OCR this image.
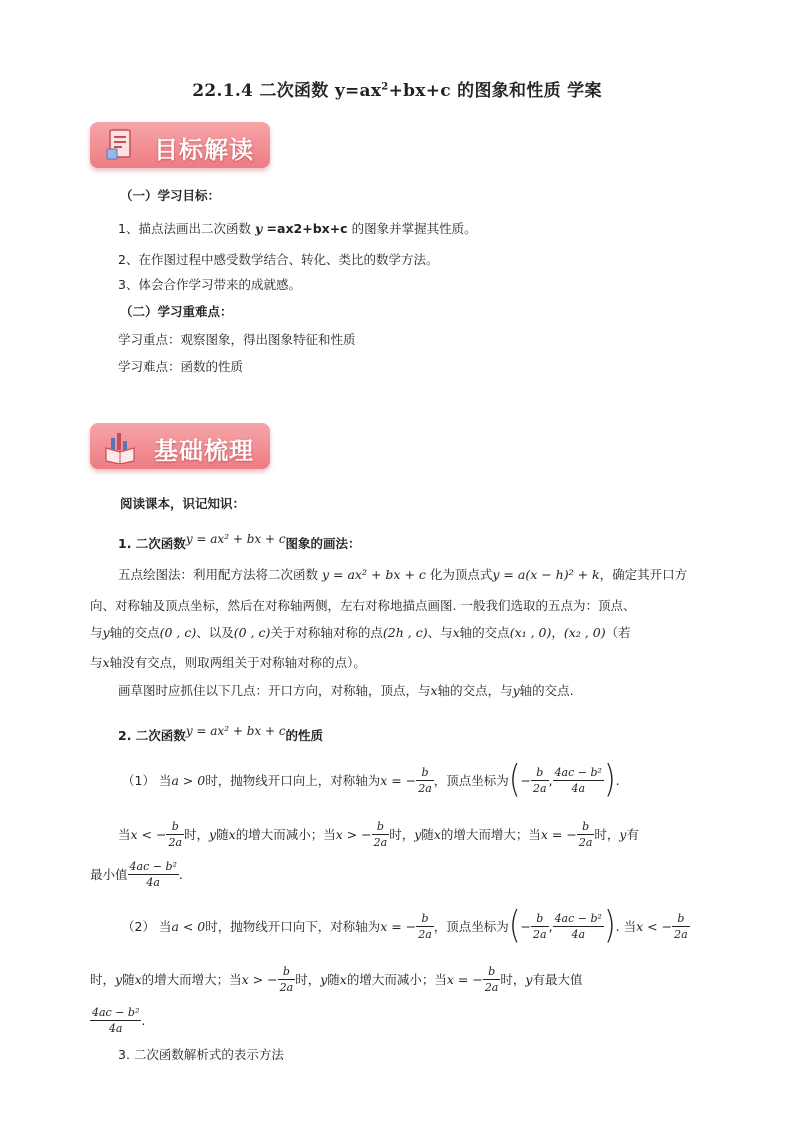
22.1.4 二次函数 $y=ax^2+bx+c$ 的图象和性质 学案
目标解读
（一）学习目标：
1、描点法画出二次函数 y =ax2+bx+c 的图象并掌握其性质。
2、在作图过程中感受数学结合、转化、类比的数学方法。
3、体会合作学习带来的成就感。
（二）学习重难点：
学习重点：观察图象，得出图象特征和性质
学习难点：函数的性质
基础梳理
阅读课本，识记知识：
1. 二次函数y = ax² + bx + c图象的画法：
五点绘图法：利用配方法将二次函数 y = ax² + bx + c 化为顶点式y = a(x − h)² + k，确定其开口方
向、对称轴及顶点坐标，然后在对称轴两侧，左右对称地描点画图. 一般我们选取的五点为：顶点、
与y轴的交点(0 , c)、以及(0 , c)关于对称轴对称的点(2h , c)、与x轴的交点(x₁ , 0)，(x₂ , 0)（若
与x轴没有交点，则取两组关于对称轴对称的点）。
画草图时应抓住以下几点：开口方向，对称轴，顶点，与x轴的交点，与y轴的交点.
2. 二次函数y = ax² + bx + c的性质
（1） 当 a > 0 时，抛物线开口向上，对称轴为 x = − $\frac{b}{2a}$ ，顶点坐标为 ( − $\frac{b}{2a}$ , $\frac{\text{4ac − b²}}{4a}$ ) .
当 x < − $\frac{b}{2a}$ 时， y 随 x 的增大而减小；当 x > − $\frac{b}{2a}$ 时， y 随 x 的增大而增大；当 x = − $\frac{b}{2a}$ 时， y 有
最小值 $\frac{\text{4ac − b²}}{4a}$ .
（2） 当 a < 0 时，抛物线开口向下，对称轴为 x = − $\frac{b}{2a}$ ，顶点坐标为 ( − $\frac{b}{2a}$ , $\frac{\text{4ac − b²}}{4a}$ ) . 当 x < − $\frac{b}{2a}$
时， y 随 x 的增大而增大；当 x > − $\frac{b}{2a}$ 时， y 随 x 的增大而减小；当 x = − $\frac{b}{2a}$ 时， y 有最大值
$\frac{\text{4ac − b²}}{4a}$ .
3. 二次函数解析式的表示方法
